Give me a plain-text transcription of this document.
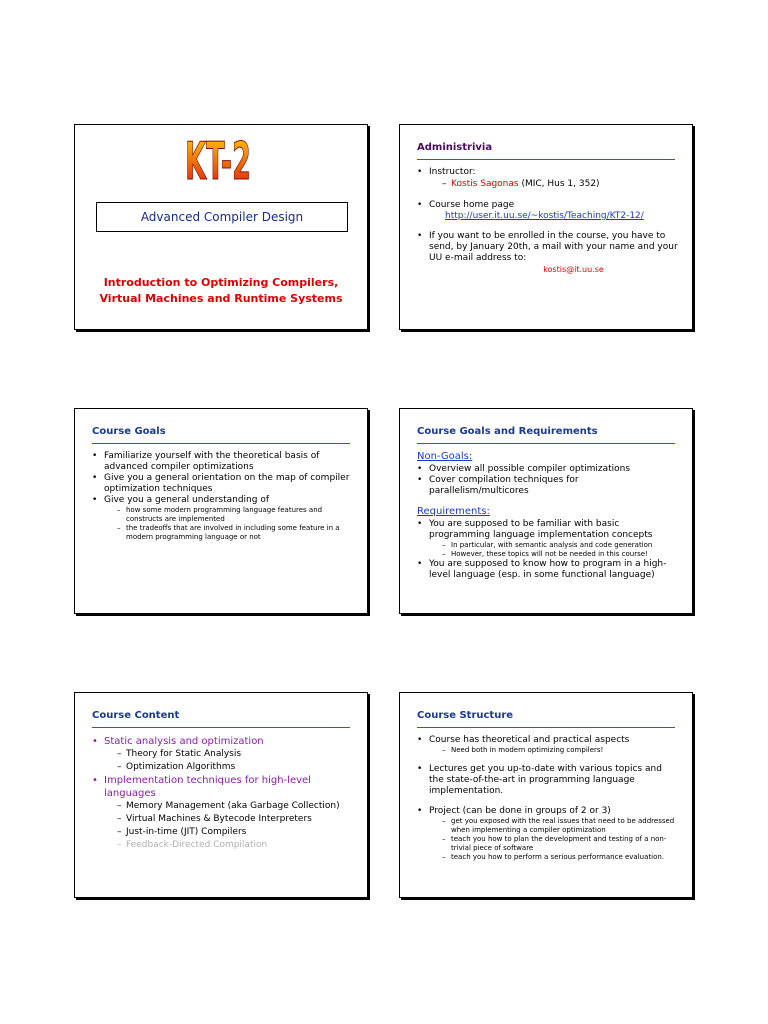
KT-2
Advanced Compiler Design
Introduction to Optimizing Compilers,
Virtual Machines and Runtime Systems
Administrivia
• Instructor:
– Kostis Sagonas (MIC, Hus 1, 352)
• Course home page
http://user.it.uu.se/~kostis/Teaching/KT2-12/
• If you want to be enrolled in the course, you have to send, by January 20th, a mail with your name and your UU e-mail address to:
kostis@it.uu.se
Course Goals
• Familiarize yourself with the theoretical basis of advanced compiler optimizations
• Give you a general orientation on the map of compiler optimization techniques
• Give you a general understanding of
– how some modern programming language features and constructs are implemented
– the tradeoffs that are involved in including some feature in a modern programming language or not
Course Goals and Requirements
Non-Goals:
• Overview all possible compiler optimizations
• Cover compilation techniques for parallelism/multicores
Requirements:
• You are supposed to be familiar with basic programming language implementation concepts
– In particular, with semantic analysis and code generation
– However, these topics will not be needed in this course!
• You are supposed to know how to program in a high-level language (esp. in some functional language)
Course Content
• Static analysis and optimization
– Theory for Static Analysis
– Optimization Algorithms
• Implementation techniques for high-level languages
– Memory Management (aka Garbage Collection)
– Virtual Machines & Bytecode Interpreters
– Just-in-time (JIT) Compilers
– Feedback-Directed Compilation
Course Structure
• Course has theoretical and practical aspects
– Need both in modern optimizing compilers!
• Lectures get you up-to-date with various topics and the state-of-the-art in programming language implementation.
• Project (can be done in groups of 2 or 3)
– get you exposed with the real issues that need to be addressed when implementing a compiler optimization
– teach you how to plan the development and testing of a non-trivial piece of software
– teach you how to perform a serious performance evaluation.
